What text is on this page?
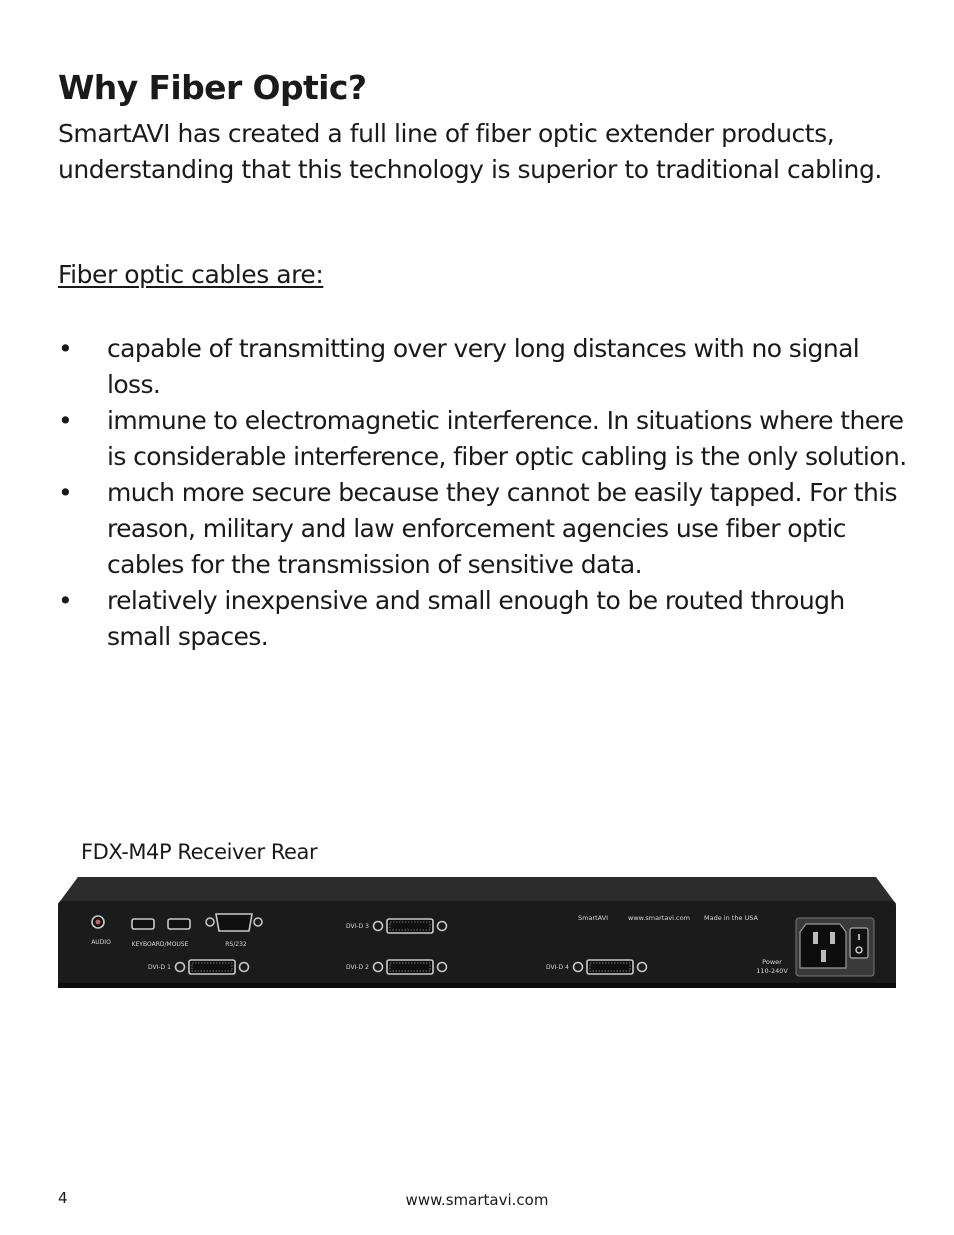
Why Fiber Optic?

SmartAVI has created a full line of fiber optic extender products, understanding that this technology is superior to traditional cabling.

Fiber optic cables are:

• capable of transmitting over very long distances with no signal loss.
• immune to electromagnetic interference. In situations where there is considerable interference, fiber optic cabling is the only solution.
• much more secure because they cannot be easily tapped. For this reason, military and law enforcement agencies use fiber optic cables for the transmission of sensitive data.
• relatively inexpensive and small enough to be routed through small spaces.

FDX-M4P Receiver Rear

AUDIO	KEYBOARD/MOUSE	RS/232
DVI-D 1
DVI-D 3
DVI-D 2	DVI-D 4
SmartAVI	www.smartavi.com Made in the USA
Power
110-240V
4	www.smartavi.com
